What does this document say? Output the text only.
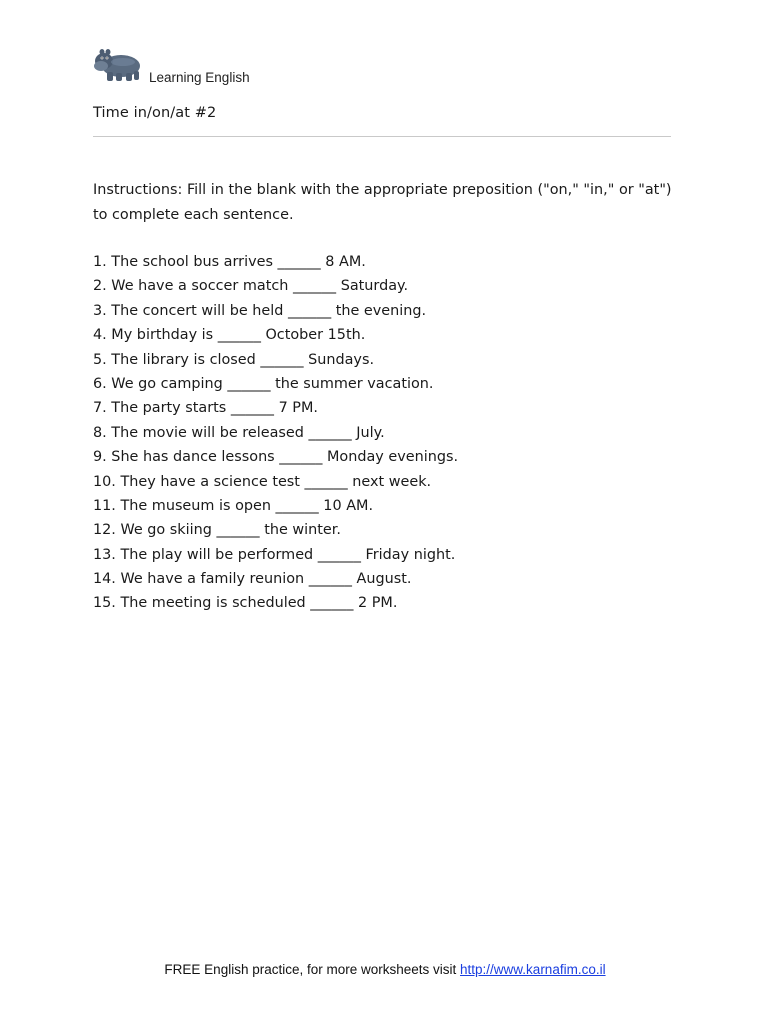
Learning English
Time in/on/at #2
Instructions: Fill in the blank with the appropriate preposition ("on," "in," or "at") to complete each sentence.
1. The school bus arrives ______ 8 AM.
2. We have a soccer match ______ Saturday.
3. The concert will be held ______ the evening.
4. My birthday is ______ October 15th.
5. The library is closed ______ Sundays.
6. We go camping ______ the summer vacation.
7. The party starts ______ 7 PM.
8. The movie will be released ______ July.
9. She has dance lessons ______ Monday evenings.
10. They have a science test ______ next week.
11. The museum is open ______ 10 AM.
12. We go skiing ______ the winter.
13. The play will be performed ______ Friday night.
14. We have a family reunion ______ August.
15. The meeting is scheduled ______ 2 PM.
FREE English practice, for more worksheets visit http://www.karnafim.co.il
